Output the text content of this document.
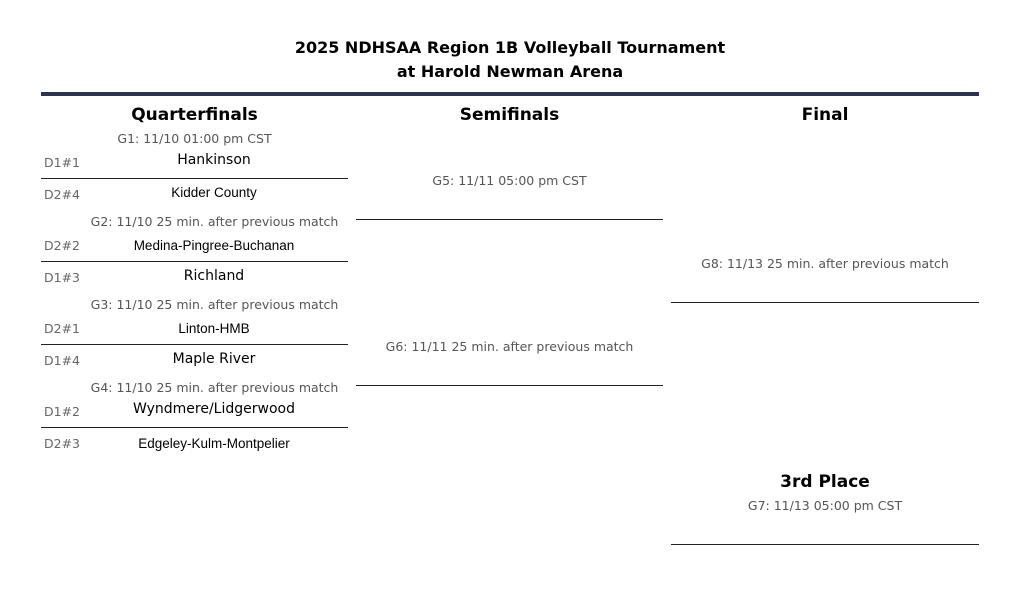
2025 NDHSAA Region 1B Volleyball Tournament
at Harold Newman Arena
Quarterfinals	Semifinals	Final
G1: 11/10 01:00 pm CST
D1#1	Hankinson
D2#4	Kidder County
G2: 11/10 25 min. after previous match
D2#2	Medina-Pingree-Buchanan
D1#3	Richland
G3: 11/10 25 min. after previous match
D2#1	Linton-HMB
D1#4	Maple River
G4: 11/10 25 min. after previous match
D1#2	Wyndmere/Lidgerwood
D2#3	Edgeley-Kulm-Montpelier
G5: 11/11 05:00 pm CST
G6: 11/11 25 min. after previous match
G8: 11/13 25 min. after previous match
3rd Place
G7: 11/13 05:00 pm CST
